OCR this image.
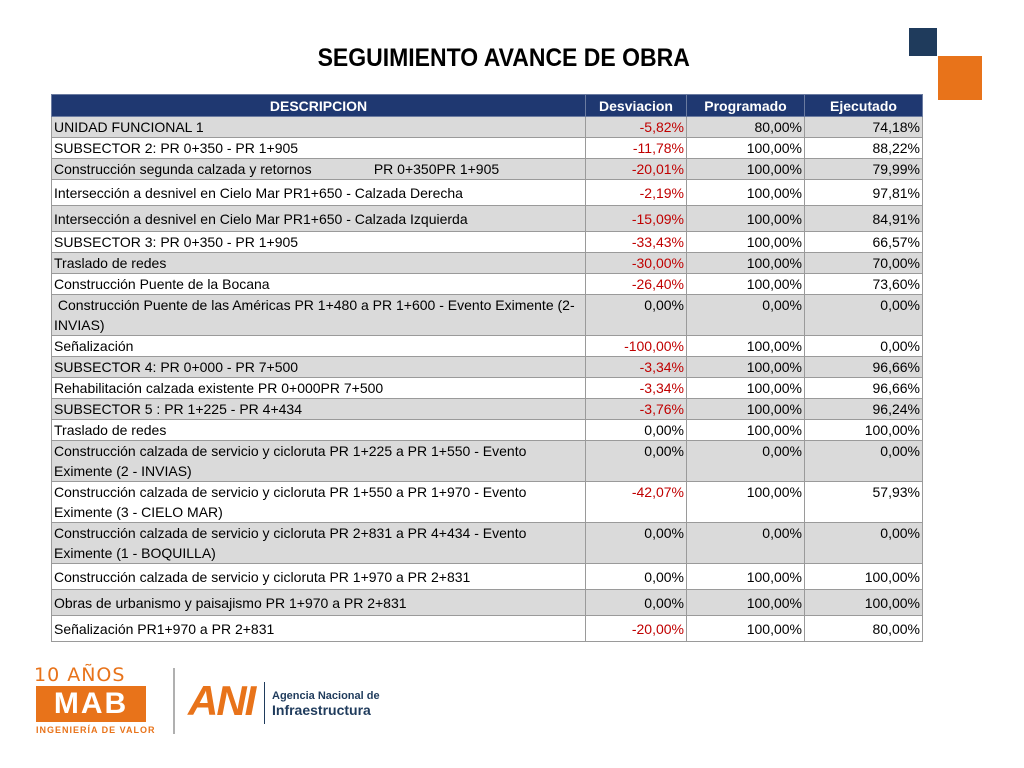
SEGUIMIENTO AVANCE DE OBRA
DESCRIPCION	Desviacion	Programado	Ejecutado
UNIDAD FUNCIONAL 1	-5,82%	80,00%	74,18%
SUBSECTOR 2: PR 0+350 - PR 1+905	-11,78%	100,00%	88,22%
Construcción segunda calzada y retornos                PR 0+350PR 1+905	-20,01%	100,00%	79,99%
Intersección a desnivel en Cielo Mar PR1+650 - Calzada Derecha	-2,19%	100,00%	97,81%
Intersección a desnivel en Cielo Mar PR1+650 - Calzada Izquierda	-15,09%	100,00%	84,91%
SUBSECTOR 3: PR 0+350 - PR 1+905	-33,43%	100,00%	66,57%
Traslado de redes	-30,00%	100,00%	70,00%
Construcción Puente de la Bocana	-26,40%	100,00%	73,60%
Construcción Puente de las Américas PR 1+480 a PR 1+600 - Evento Eximente (2-INVIAS)	0,00%	0,00%	0,00%
Señalización	-100,00%	100,00%	0,00%
SUBSECTOR 4: PR 0+000 - PR 7+500	-3,34%	100,00%	96,66%
Rehabilitación calzada existente PR 0+000PR 7+500	-3,34%	100,00%	96,66%
SUBSECTOR 5 : PR 1+225 - PR 4+434	-3,76%	100,00%	96,24%
Traslado de redes	0,00%	100,00%	100,00%
Construcción calzada de servicio y cicloruta PR 1+225 a PR 1+550 - Evento Eximente (2 - INVIAS)	0,00%	0,00%	0,00%
Construcción calzada de servicio y cicloruta PR 1+550 a PR 1+970 - Evento Eximente (3 - CIELO MAR)	-42,07%	100,00%	57,93%
Construcción calzada de servicio y cicloruta PR 2+831 a PR 4+434 - Evento Eximente (1 - BOQUILLA)	0,00%	0,00%	0,00%
Construcción calzada de servicio y cicloruta PR 1+970 a PR 2+831	0,00%	100,00%	100,00%
Obras de urbanismo y paisajismo PR 1+970 a PR 2+831	0,00%	100,00%	100,00%
Señalización PR1+970 a PR 2+831	-20,00%	100,00%	80,00%
10 AÑOS
MAB
INGENIERÍA DE VALOR
ANI Agencia Nacional de
Infraestructura
